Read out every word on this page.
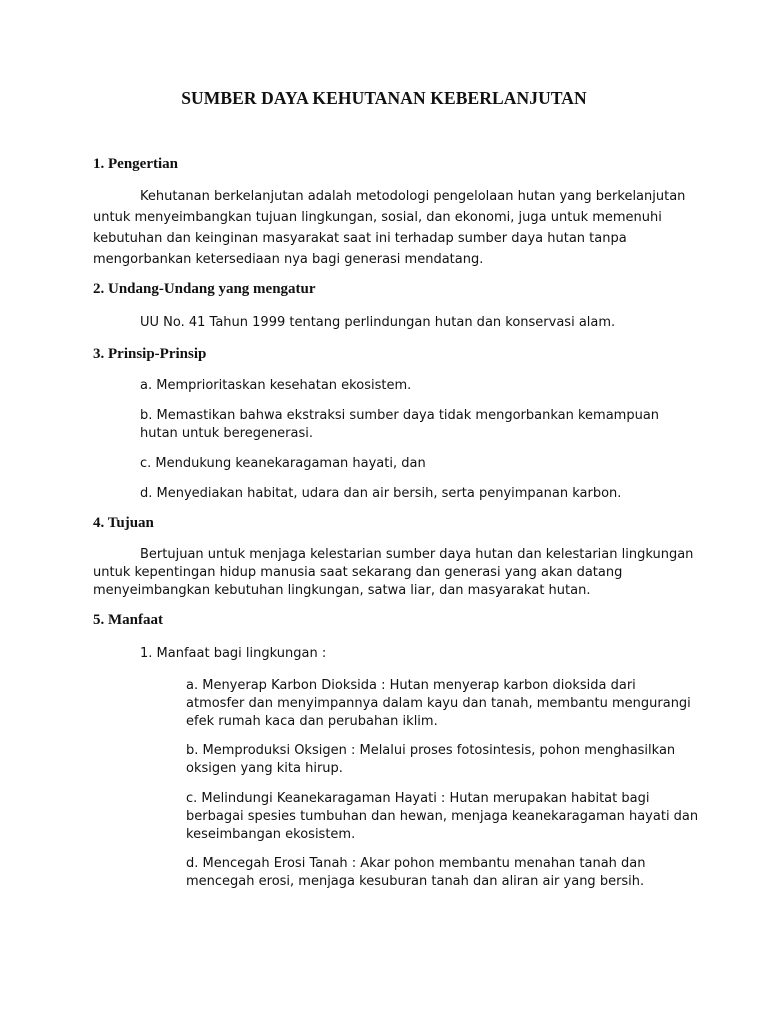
SUMBER DAYA KEHUTANAN KEBERLANJUTAN
1. Pengertian
Kehutanan berkelanjutan adalah metodologi pengelolaan hutan yang berkelanjutan
untuk menyeimbangkan tujuan lingkungan, sosial, dan ekonomi, juga untuk memenuhi
kebutuhan dan keinginan masyarakat saat ini terhadap sumber daya hutan tanpa
mengorbankan ketersediaan nya bagi generasi mendatang.
2. Undang-Undang yang mengatur
UU No. 41 Tahun 1999 tentang perlindungan hutan dan konservasi alam.
3. Prinsip-Prinsip
a. Memprioritaskan kesehatan ekosistem.
b. Memastikan bahwa ekstraksi sumber daya tidak mengorbankan kemampuan
hutan untuk beregenerasi.
c. Mendukung keanekaragaman hayati, dan
d. Menyediakan habitat, udara dan air bersih, serta penyimpanan karbon.
4. Tujuan
Bertujuan untuk menjaga kelestarian sumber daya hutan dan kelestarian lingkungan
untuk kepentingan hidup manusia saat sekarang dan generasi yang akan datang
menyeimbangkan kebutuhan lingkungan, satwa liar, dan masyarakat hutan.
5. Manfaat
1. Manfaat bagi lingkungan :
a. Menyerap Karbon Dioksida : Hutan menyerap karbon dioksida dari
atmosfer dan menyimpannya dalam kayu dan tanah, membantu mengurangi
efek rumah kaca dan perubahan iklim.
b. Memproduksi Oksigen : Melalui proses fotosintesis, pohon menghasilkan
oksigen yang kita hirup.
c. Melindungi Keanekaragaman Hayati : Hutan merupakan habitat bagi
berbagai spesies tumbuhan dan hewan, menjaga keanekaragaman hayati dan
keseimbangan ekosistem.
d. Mencegah Erosi Tanah : Akar pohon membantu menahan tanah dan
mencegah erosi, menjaga kesuburan tanah dan aliran air yang bersih.
